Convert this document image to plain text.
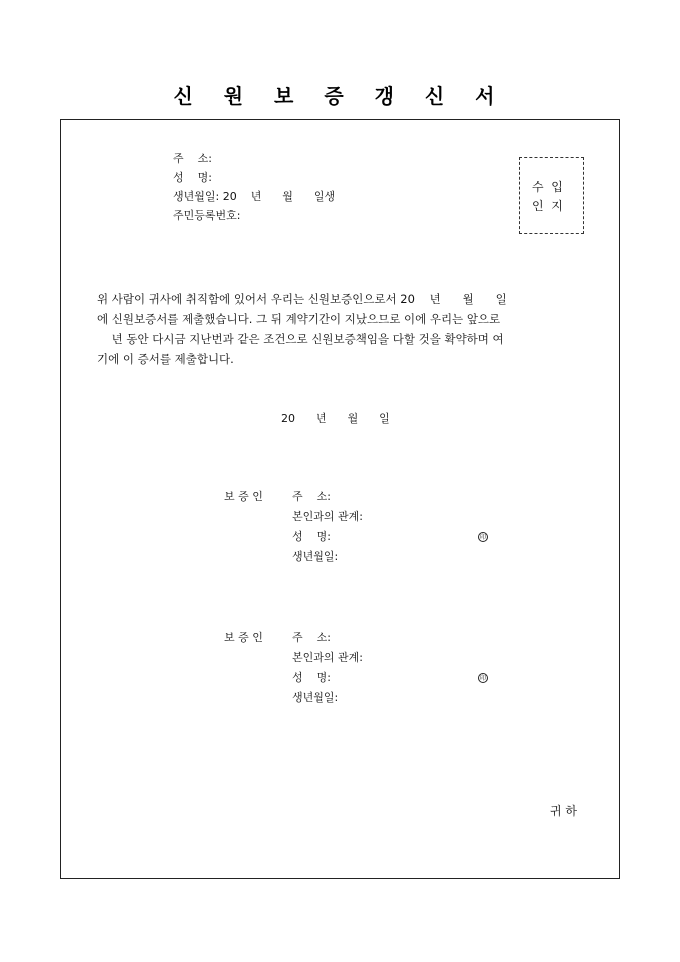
신 원 보 증 갱 신 서
주    소:
성    명:
생년월일: 20    년      월      일생
주민등록번호:

수  입

인  지

위 사람이 귀사에 취직함에 있어서 우리는 신원보증인으로서 20    년      월      일
에 신원보증서를 제출했습니다. 그 뒤 계약기간이 지났으므로 이에 우리는 앞으로
년 동안 다시금 지난번과 같은 조건으로 신원보증책임을 다할 것을 확약하며 여
기에 이 증서를 제출합니다.
20      년      월      일
보 증 인	주    소:
본인과의 관계:
성    명:	印
생년월일:
보 증 인	주    소:
본인과의 관계:
성    명:	印
생년월일:
귀 하
